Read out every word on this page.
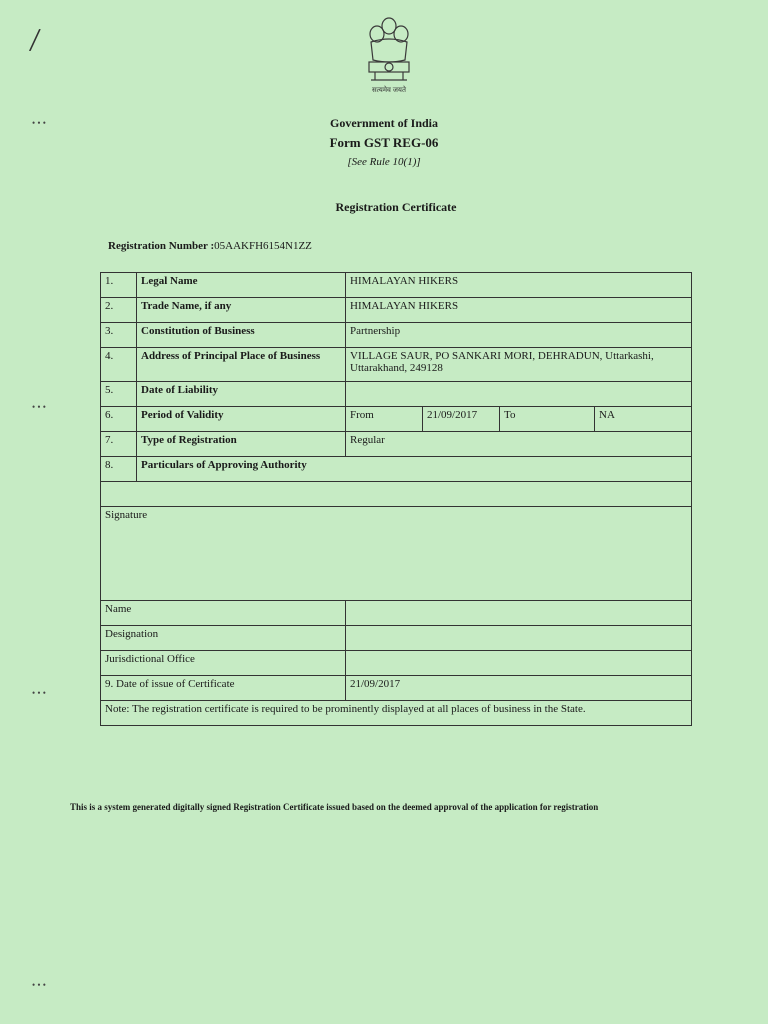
/
सत्यमेव जयते
Government of India
Form GST REG-06
[See Rule 10(1)]
Registration Certificate
Registration Number :05AAKFH6154N1ZZ
• • •
• • •
• • •
• • •
1.	Legal Name	HIMALAYAN HIKERS			
2.	Trade Name, if any	HIMALAYAN HIKERS			
3.	Constitution of Business	Partnership			
4.	Address of Principal Place of Business	VILLAGE SAUR, PO SANKARI MORI, DEHRADUN, Uttarkashi, Uttarakhand, 249128			
5.	Date of Liability				
6.	Period of Validity	From	21/09/2017	To	NA
7.	Type of Registration	Regular			
8.	Particulars of Approving Authority				

Signature					
Name					
Designation					
Jurisdictional Office					
9. Date of issue of Certificate		21/09/2017			
Note: The registration certificate is required to be prominently displayed at all places of business in the State.					
This is a system generated digitally signed Registration Certificate issued based on the deemed approval of the application for registration
